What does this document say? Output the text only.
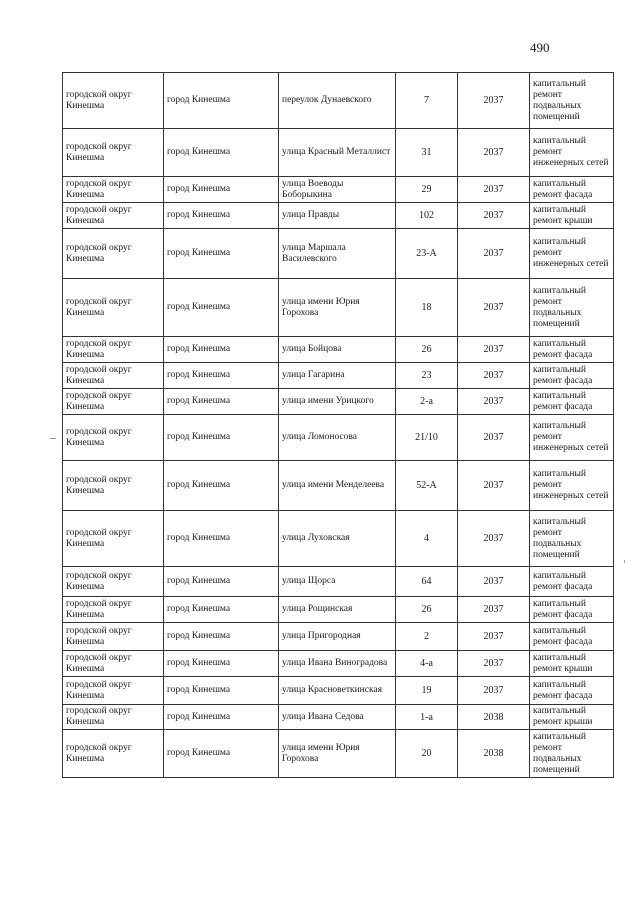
490
городской округ Кинешма	город Кинешма	переулок Дунаевского	7	2037	капитальный ремонт подвальных помещений
городской округ Кинешма	город Кинешма	улица Красный Металлист	31	2037	капитальный ремонт инженерных сетей
городской округ Кинешма	город Кинешма	улица Воеводы Боборыкина	29	2037	капитальный ремонт фасада
городской округ Кинешма	город Кинешма	улица Правды	102	2037	капитальный ремонт крыши
городской округ Кинешма	город Кинешма	улица Маршала Василевского	23-А	2037	капитальный ремонт инженерных сетей
городской округ Кинешма	город Кинешма	улица имени Юрия Горохова	18	2037	капитальный ремонт подвальных помещений
городской округ Кинешма	город Кинешма	улица Бойцова	26	2037	капитальный ремонт фасада
городской округ Кинешма	город Кинешма	улица Гагарина	23	2037	капитальный ремонт фасада
городской округ Кинешма	город Кинешма	улица имени Урицкого	2-а	2037	капитальный ремонт фасада
городской округ Кинешма	город Кинешма	улица Ломоносова	21/10	2037	капитальный ремонт инженерных сетей
городской округ Кинешма	город Кинешма	улица имени Менделеева	52-А	2037	капитальный ремонт инженерных сетей
городской округ Кинешма	город Кинешма	улица Луховская	4	2037	капитальный ремонт подвальных помещений
городской округ Кинешма	город Кинешма	улица Щорса	64	2037	капитальный ремонт фасада
городской округ Кинешма	город Кинешма	улица Рощинская	26	2037	капитальный ремонт фасада
городской округ Кинешма	город Кинешма	улица Пригородная	2	2037	капитальный ремонт фасада
городской округ Кинешма	город Кинешма	улица Ивана Виноградова	4-а	2037	капитальный ремонт крыши
городской округ Кинешма	город Кинешма	улица Красноветкинская	19	2037	капитальный ремонт фасада
городской округ Кинешма	город Кинешма	улица Ивана Седова	1-а	2038	капитальный ремонт крыши
городской округ Кинешма	город Кинешма	улица имени Юрия Горохова	20	2038	капитальный ремонт подвальных помещений
